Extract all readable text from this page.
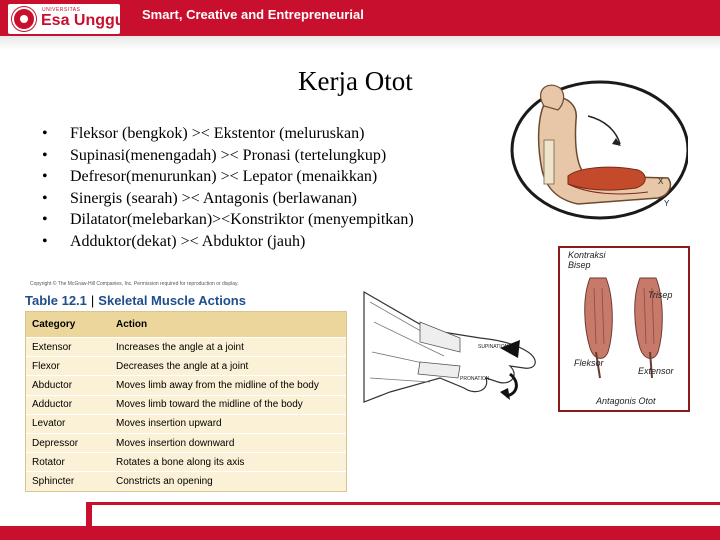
UNIVERSITAS
Esa Unggul Smart, Creative and Entrepreneurial
Kerja Otot
• Fleksor (bengkok) >< Ekstentor (meluruskan)
• Supinasi(menengadah) >< Pronasi (tertelungkup)
• Defresor(menurunkan) >< Lepator (menaikkan)
• Sinergis (searah) >< Antagonis (berlawanan)
• Dilatator(melebarkan)><Konstriktor (menyempitkan)
• Adduktor(dekat) >< Abduktor (jauh)
X
Y
Copyright © The McGraw-Hill Companies, Inc. Permission required for reproduction or display.
Table 12.1 | Skeletal Muscle Actions
Category	Action
Extensor	Increases the angle at a joint
Flexor	Decreases the angle at a joint
Abductor	Moves limb away from the midline of the body
Adductor	Moves limb toward the midline of the body
Levator	Moves insertion upward
Depressor	Moves insertion downward
Rotator	Rotates a bone along its axis
Sphincter	Constricts an opening
SUPINATION
PRONATION
Kontraksi
Bisep
Trisep
Fleksor
Extensor
Antagonis Otot
